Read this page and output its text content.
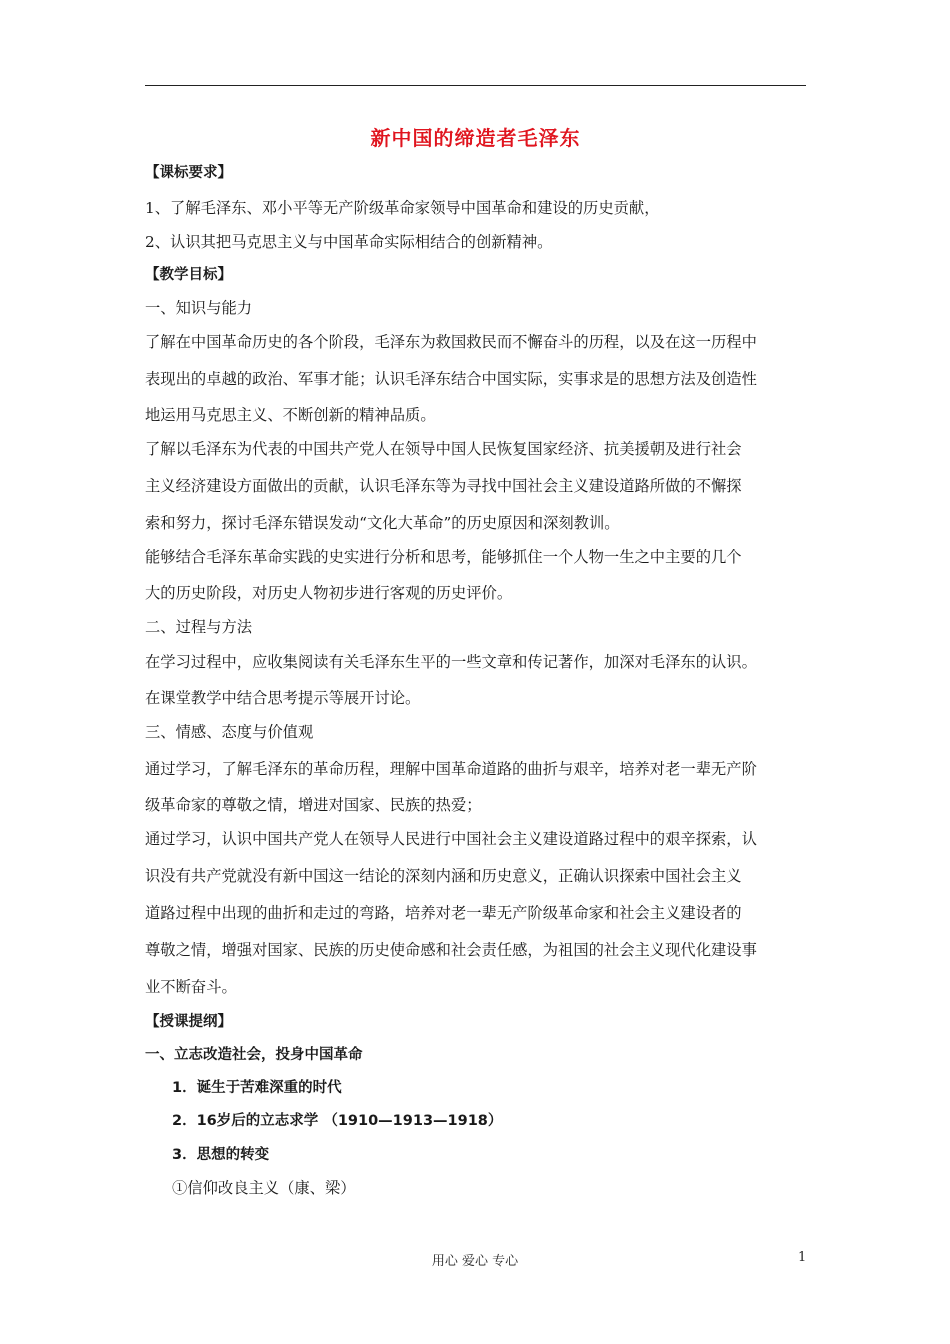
新中国的缔造者毛泽东
【课标要求】
1、了解毛泽东、邓小平等无产阶级革命家领导中国革命和建设的历史贡献，
2、认识其把马克思主义与中国革命实际相结合的创新精神。
【教学目标】
一、知识与能力
了解在中国革命历史的各个阶段，毛泽东为救国救民而不懈奋斗的历程，以及在这一历程中
表现出的卓越的政治、军事才能；认识毛泽东结合中国实际，实事求是的思想方法及创造性
地运用马克思主义、不断创新的精神品质。
了解以毛泽东为代表的中国共产党人在领导中国人民恢复国家经济、抗美援朝及进行社会
主义经济建设方面做出的贡献，认识毛泽东等为寻找中国社会主义建设道路所做的不懈探
索和努力，探讨毛泽东错误发动“文化大革命”的历史原因和深刻教训。
能够结合毛泽东革命实践的史实进行分析和思考，能够抓住一个人物一生之中主要的几个
大的历史阶段，对历史人物初步进行客观的历史评价。
二、过程与方法
在学习过程中，应收集阅读有关毛泽东生平的一些文章和传记著作，加深对毛泽东的认识。
在课堂教学中结合思考提示等展开讨论。
三、情感、态度与价值观
通过学习，了解毛泽东的革命历程，理解中国革命道路的曲折与艰辛，培养对老一辈无产阶
级革命家的尊敬之情，增进对国家、民族的热爱；
通过学习，认识中国共产党人在领导人民进行中国社会主义建设道路过程中的艰辛探索，认
识没有共产党就没有新中国这一结论的深刻内涵和历史意义，正确认识探索中国社会主义
道路过程中出现的曲折和走过的弯路，培养对老一辈无产阶级革命家和社会主义建设者的
尊敬之情，增强对国家、民族的历史使命感和社会责任感，为祖国的社会主义现代化建设事
业不断奋斗。
【授课提纲】
一、立志改造社会，投身中国革命
1．诞生于苦难深重的时代
2．16岁后的立志求学 （1910—1913—1918）
3．思想的转变
①信仰改良主义（康、梁）
用心 爱心 专心	1
